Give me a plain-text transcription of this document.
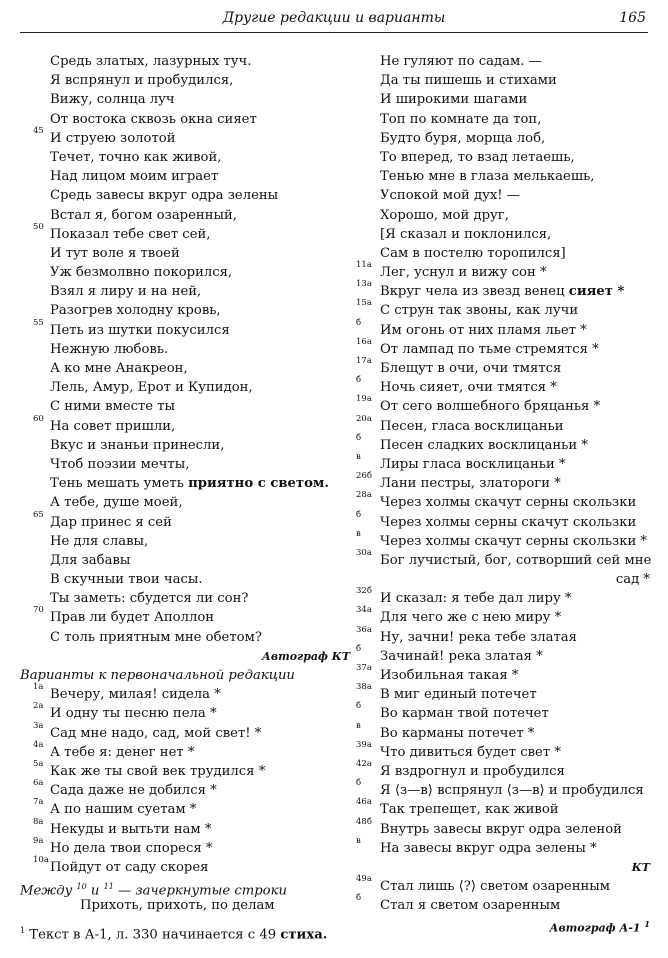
Другие редакции и варианты	165
Средь златых, лазурных туч.
Я вспрянул и пробудился,
Вижу, солнца луч
От востока сквозь окна сияет
45 И струею золотой
Течет, точно как живой,
Над лицом моим играет
Средь завесы вкруг одра зелены
Встал я, богом озаренный,
50 Показал тебе свет сей,
И тут воле я твоей
Уж безмолвно покорился,
Взял я лиру и на ней,
Разогрев холодну кровь,
55 Петь из шутки покусился
Нежную любовь.
А ко мне Анакреон,
Лель, Амур, Ерот и Купидон,
С ними вместе ты
60 На совет пришли,
Вкус и знаньи принесли,
Чтоб поэзии мечты,
Тень мешать уметь приятно с светом.
А тебе, душе моей,
65 Дар принес я сей
Не для славы,
Для забавы
В скучныи твои часы.
Ты заметь: сбудется ли сон?
70 Прав ли будет Аполлон
С толь приятным мне обетом?
Автограф КТ
Варианты к первоначальной редакции
1а Вечеру, милая! сидела *
2а И одну ты песню пела *
3а Сад мне надо, сад, мой свет! *
4а А тебе я: денег нет *
5а Как же ты свой век трудился *
6а Сада даже не добился *
7а А по нашим суетам *
8а Некуды и вытьти нам *
9а Но дела твои спореся *
10а Пойдут от саду скорея
Между $^{10}$ и $^{11}$ — зачеркнутые строки
Прихоть, прихоть, по делам
$^1$ Текст в А-1, л. 330 начинается с 49 стиха.
Не гуляют по садам. —
Да ты пишешь и стихами
И широкими шагами
Топ по комнате да топ,
Будто буря, морща лоб,
То вперед, то взад летаешь,
Тенью мне в глаза мелькаешь,
Успокой мой дух! —
Хорошо, мой друг,
[Я сказал и поклонился,
Сам в постелю торопился]
11а Лег, уснул и вижу сон *
13а Вкруг чела из звезд венец сияет *
15а С струн так звоны, как лучи
б Им огонь от них пламя льет *
16а От лампад по тьме стремятся *
17а Блещут в очи, очи тмятся
б Ночь сияет, очи тмятся *
19а От сего волшебного бряцанья *
20а Песен, гласа восклицаньи
б Песен сладких восклицаньи *
в Лиры гласа восклицаньи *
26б Лани пестры, златороги *
28а Через холмы скачут серны скользки
б Через холмы серны скачут скользки
в Через холмы скачут серны скользки *
30а Бог лучистый, бог, сотворший сей мне
сад *
32б И сказал: я тебе дал лиру *
34а Для чего же с нею миру *
36а Ну, зачни! река тебе златая
б Зачинай! река златая *
37а Изобильная такая *
38а В миг единый потечет
б Во карман твой потечет
в Во карманы потечет *
39а Что дивиться будет свет *
42а Я вздрогнул и пробудился
б Я ⟨з—в⟩ вспрянул ⟨з—в⟩ и пробудился
46а Так трепещет, как живой
48б Внутрь завесы вкруг одра зеленой
в На завесы вкруг одра зелены *
КТ
49а Стал лишь ⟨?⟩ светом озаренным
б Стал я светом озаренным
Автограф А-1 $^1$
